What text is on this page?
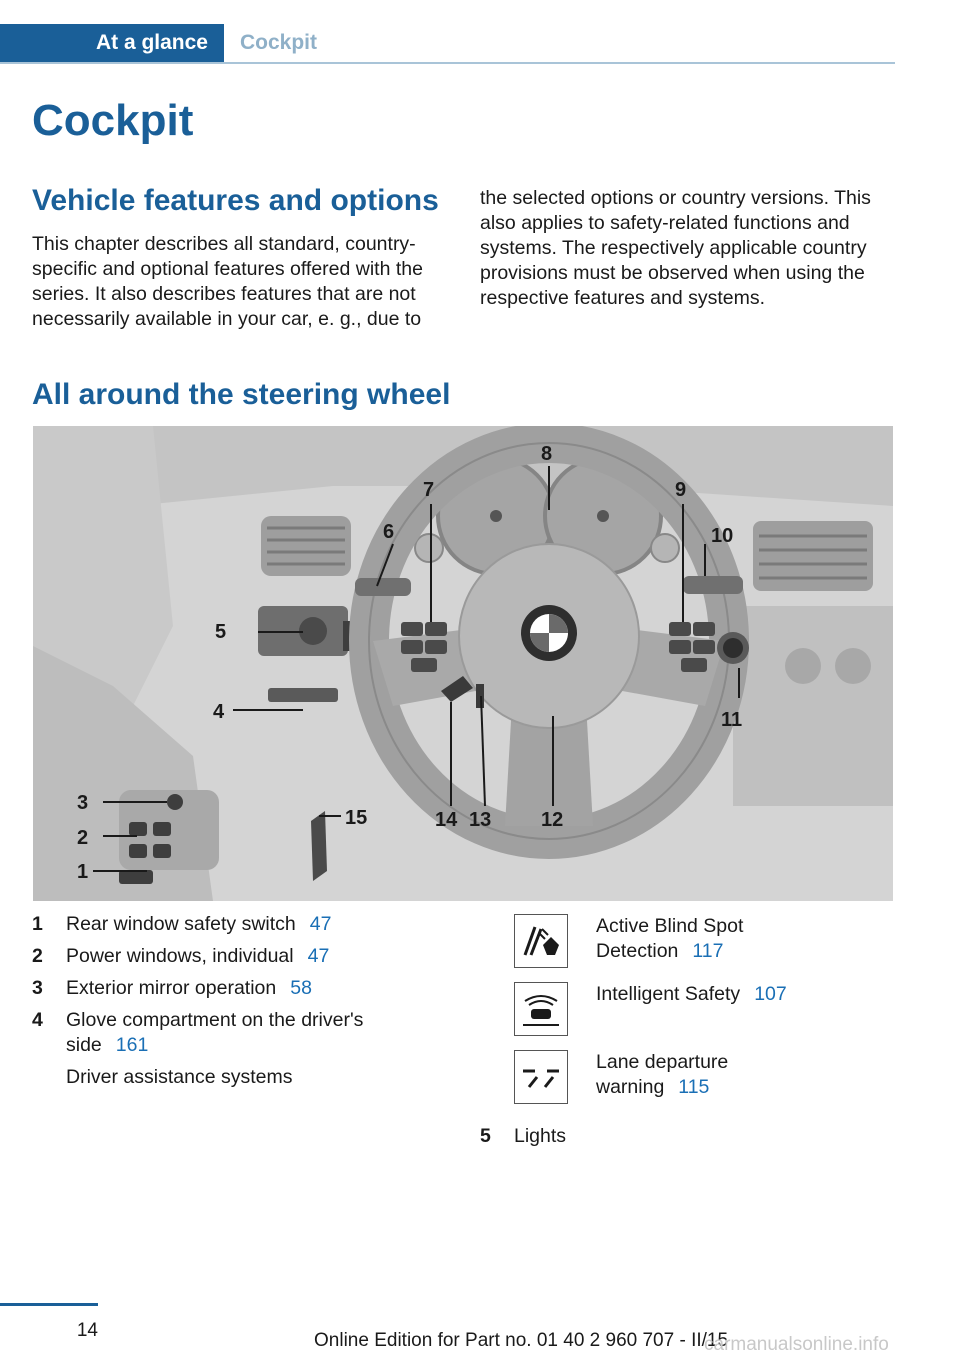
At a glance	Cockpit
Cockpit
Vehicle features and options

This chapter describes all standard, country-specific and optional features offered with the series. It also describes features that are not necessarily available in your car, e. g., due to

the selected options or country versions. This also applies to safety-related functions and systems. The respectively applicable country provisions must be observed when using the respective features and systems.

All around the steering wheel
1
2
3
4
5
6
7
8
9
10
11
12
13
14
15
1	Rear window safety switch 47
2	Power windows, individual 47
3	Exterior mirror operation 58
4	Glove compartment on the driver's side 161
Driver assistance systems
Active Blind Spot Detection 117
Intelligent Safety 107
Lane departure warning 115
5 Lights
14	Online Edition for Part no. 01 40 2 960 707 - II/15
carmanualsonline.info
